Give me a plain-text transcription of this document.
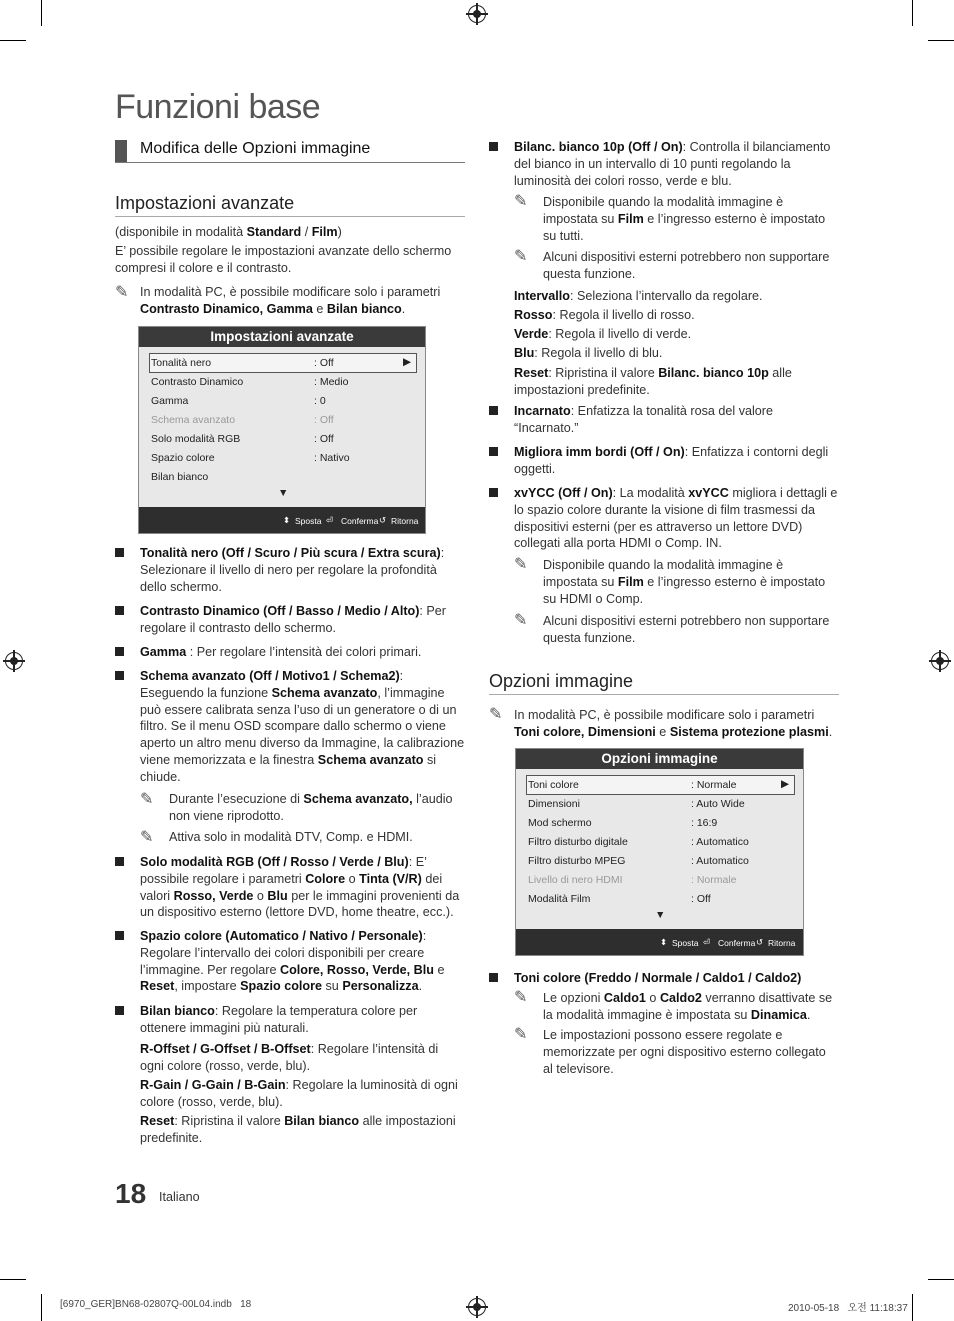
Funzioni base
Modifica delle Opzioni immagine
Impostazioni avanzate
(disponibile in modalità Standard / Film)
E’ possibile regolare le impostazioni avanzate dello schermo compresi il colore e il contrasto.
✎ In modalità PC, è possibile modificare solo i parametri Contrasto Dinamico, Gamma e Bilan bianco.
Impostazioni avanzate
Tonalità nero	: Off	▶
Contrasto Dinamico	: Medio
Gamma	: 0
Schema avanzato	: Off
Solo modalità RGB	: Off
Spazio colore	: Nativo
Bilan bianco
▼
⬍ Sposta ⏎ Conferma ↺ Ritorna
Tonalità nero (Off / Scuro / Più scura / Extra scura): Selezionare il livello di nero per regolare la profondità dello schermo.
Contrasto Dinamico (Off / Basso / Medio / Alto): Per regolare il contrasto dello schermo.
Gamma : Per regolare l’intensità dei colori primari.
Schema avanzato (Off / Motivo1 / Schema2): Eseguendo la funzione Schema avanzato, l’immagine può essere calibrata senza l’uso di un generatore o di un filtro. Se il menu OSD scompare dallo schermo o viene aperto un altro menu diverso da Immagine, la calibrazione viene memorizzata e la finestra Schema avanzato si chiude.
✎ Durante l’esecuzione di Schema avanzato, l’audio non viene riprodotto.
✎ Attiva solo in modalità DTV, Comp. e HDMI.
Solo modalità RGB (Off / Rosso / Verde / Blu): E’ possibile regolare i parametri Colore o Tinta (V/R) dei valori Rosso, Verde o Blu per le immagini provenienti da un dispositivo esterno (lettore DVD, home theatre, ecc.).
Spazio colore (Automatico / Nativo / Personale): Regolare l’intervallo dei colori disponibili per creare l’immagine. Per regolare Colore, Rosso, Verde, Blu e Reset, impostare Spazio colore su Personalizza.
Bilan bianco: Regolare la temperatura colore per ottenere immagini più naturali.
R-Offset / G-Offset / B-Offset: Regolare l’intensità di ogni colore (rosso, verde, blu).
R-Gain / G-Gain / B-Gain: Regolare la luminosità di ogni colore (rosso, verde, blu).
Reset: Ripristina il valore Bilan bianco alle impostazioni predefinite.
18 Italiano
Bilanc. bianco 10p (Off / On): Controlla il bilanciamento del bianco in un intervallo di 10 punti regolando la luminosità dei colori rosso, verde e blu.
✎ Disponibile quando la modalità immagine è impostata su Film e l’ingresso esterno è impostato su tutti.
✎ Alcuni dispositivi esterni potrebbero non supportare questa funzione.
Intervallo: Seleziona l’intervallo da regolare.
Rosso: Regola il livello di rosso.
Verde: Regola il livello di verde.
Blu: Regola il livello di blu.
Reset: Ripristina il valore Bilanc. bianco 10p alle impostazioni predefinite.
Incarnato: Enfatizza la tonalità rosa del valore “Incarnato.”
Migliora imm bordi (Off / On): Enfatizza i contorni degli oggetti.
xvYCC (Off / On): La modalità xvYCC migliora i dettagli e lo spazio colore durante la visione di film trasmessi da dispositivi esterni (per es attraverso un lettore DVD) collegati alla porta HDMI o Comp. IN.
✎ Disponibile quando la modalità immagine è impostata su Film e l’ingresso esterno è impostato su HDMI o Comp.
✎ Alcuni dispositivi esterni potrebbero non supportare questa funzione.
Opzioni immagine
✎ In modalità PC, è possibile modificare solo i parametri Toni colore, Dimensioni e Sistema protezione plasmi.
Opzioni immagine
Toni colore	: Normale	▶
Dimensioni	: Auto Wide
Mod schermo	: 16:9
Filtro disturbo digitale	: Automatico
Filtro disturbo MPEG	: Automatico
Livello di nero HDMI	: Normale
Modalità Film	: Off
▼
⬍ Sposta ⏎ Conferma ↺ Ritorna
Toni colore (Freddo / Normale / Caldo1 / Caldo2)
✎ Le opzioni Caldo1 o Caldo2 verranno disattivate se la modalità immagine è impostata su Dinamica.
✎ Le impostazioni possono essere regolate e memorizzate per ogni dispositivo esterno collegato al televisore.
[6970_GER]BN68-02807Q-00L04.indb   18	2010-05-18   오전 11:18:37
